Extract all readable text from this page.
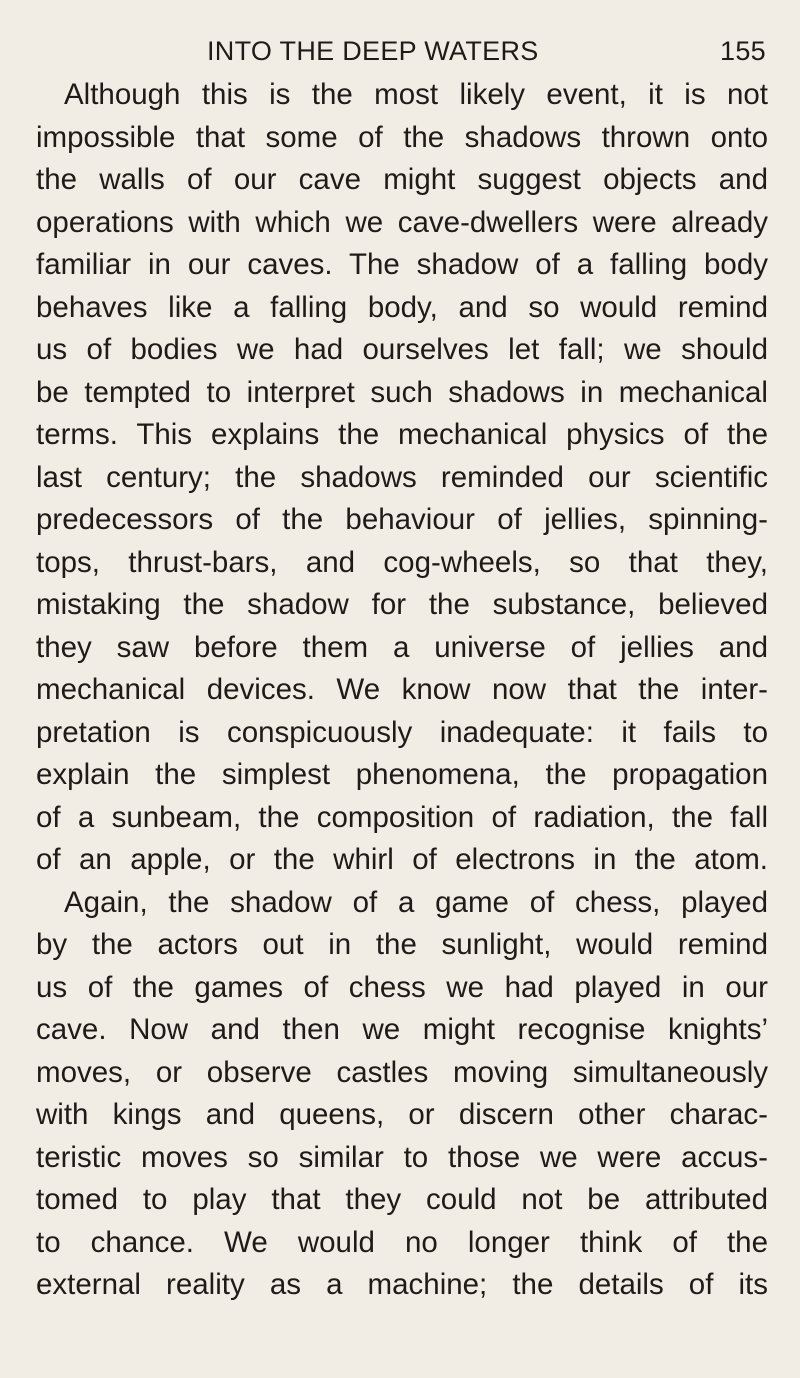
INTO THE DEEP WATERS	155
Although this is the most likely event, it is not
impossible that some of the shadows thrown onto
the walls of our cave might suggest objects and
operations with which we cave-dwellers were already
familiar in our caves. The shadow of a falling body
behaves like a falling body, and so would remind
us of bodies we had ourselves let fall; we should
be tempted to interpret such shadows in mechanical
terms. This explains the mechanical physics of the
last century; the shadows reminded our scientific
predecessors of the behaviour of jellies, spinning-
tops, thrust-bars, and cog-wheels, so that they,
mistaking the shadow for the substance, believed
they saw before them a universe of jellies and
mechanical devices. We know now that the inter-
pretation is conspicuously inadequate: it fails to
explain the simplest phenomena, the propagation
of a sunbeam, the composition of radiation, the fall
of an apple, or the whirl of electrons in the atom.
Again, the shadow of a game of chess, played
by the actors out in the sunlight, would remind
us of the games of chess we had played in our
cave. Now and then we might recognise knights’
moves, or observe castles moving simultaneously
with kings and queens, or discern other charac-
teristic moves so similar to those we were accus-
tomed to play that they could not be attributed
to chance. We would no longer think of the
external reality as a machine; the details of its
